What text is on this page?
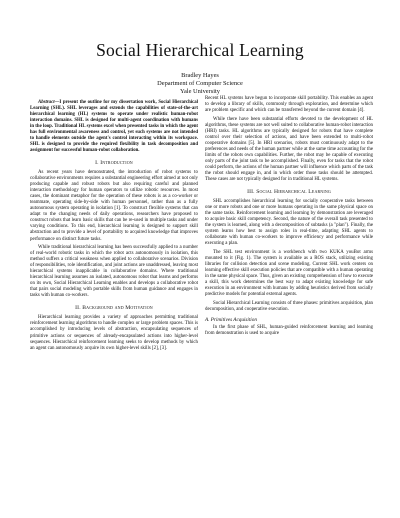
Social Hierarchical Learning
Bradley Hayes
Department of Computer Science
Yale University

Abstract—I present the outline for my dissertation work, Social Hierarchical Learning (SHL). SHL leverages and extends the capabilities of state-of-the-art hierarchical learning (HL) systems to operate under realistic human-robot interaction domains. SHL is designed for multi-agent coordination with humans in the loop. Traditional HL systems excel when presented tasks in which the agent has full environmental awareness and control, yet such systems are not intended to handle elements outside the agent's control interacting within its workspace. SHL is designed to provide the required flexibility in task decomposition and assignment for successful human-robot collaboration.

I. Introduction

As recent years have demonstrated, the introduction of robot systems to collaborative environments requires a substantial engineering effort aimed at not only producing capable and robust robots but also requiring careful and planned interaction methodology for human operators to utilize robotic resources. In most cases, the dominant metaphor for the operation of these robots is as a co-worker or teammate, operating side-by-side with human personnel, rather than as a fully autonomous system operating in isolation [1]. To construct flexible systems that can adapt to the changing needs of daily operations, researchers have proposed to construct robots that learn basic skills that can be re-used in multiple tasks and under varying conditions. To this end, hierarchical learning is designed to support skill abstraction and to provide a level of portability to acquired knowledge that improves performance on distinct future tasks.

While traditional hierarchical learning has been successfully applied to a number of real-world robotic tasks in which the robot acts autonomously in isolation, this method suffers a critical weakness when applied to collaborative scenarios. Division of responsibilities, role identification, and joint actions are unaddressed, leaving most hierarchical systems inapplicable in collaborative domains. Where traditional hierarchical learning assumes an isolated, autonomous robot that learns and performs on its own, Social Hierarchical Learning enables and develops a collaborative robot that pairs social modeling with portable skills from human guidance and engages in tasks with human co-workers.

II. Background and Motivation

Hierarchical learning provides a variety of approaches permitting traditional reinforcement learning algorithms to handle complex or large problem spaces. This is accomplished by introducing levels of abstraction, encapsulating sequences of primitive actions or sequences of already-encapsulated actions into higher-level sequences. Hierarchical reinforcement learning seeks to develop methods by which an agent can autonomously acquire its own higher-level skills [2], [3].

Recent HL systems have begun to incorporate skill portability. This enables an agent to develop a library of skills, commonly through exploration, and determine which are problem specific and which can be transferred beyond the current domain [4].

While there have been substantial efforts devoted to the development of HL algorithms, these systems are not well suited to collaborative human-robot interaction (HRI) tasks. HL algorithms are typically designed for robots that have complete control over their selection of actions, and have been extended to multi-robot cooperative domains [5]. In HRI scenarios, robots must continuously adapt to the preferences and needs of the human partner while at the same time accounting for the limits of the robots own capabilities. Further, the robot may be capable of executing only parts of the joint task to be accomplished. Finally, even for tasks that the robot could perform, the actions of the human partner will influence which parts of the task the robot should engage in, and in which order those tasks should be attempted. These cases are not typically designed for in traditional HL systems.

III. Social Hierarchical Learning

SHL accomplishes hierarchical learning for socially cooperative tasks between one or more robots and one or more humans operating in the same physical space on the same tasks. Reinforcement learning and learning by demonstration are leveraged to acquire basic skill competency. Second, the nature of the overall task presented to the system is learned, along with a decomposition of subtasks (a "plan"). Finally, the system learns how best to assign roles in real-time, adapting SHL agents to collaborate with human co-workers to improve efficiency and performance while executing a plan.

The SHL test environment is a workbench with two KUKA youBot arms mounted to it (Fig. 1). The system is available as a ROS stack, utilizing existing libraries for collision detection and scene modeling. Current SHL work centers on learning effective skill execution policies that are compatible with a human operating in the same physical space. Thus, given an existing comprehension of how to execute a skill, this work determines the best way to adapt existing knowledge for safe execution in an environment with humans by adding heuristics derived from socially predictive models for potential external agents.

Social Hierarchical Learning consists of three phases: primitives acquisition, plan decomposition, and cooperative execution.

A. Primitives Acquisition

In the first phase of SHL, human-guided reinforcement learning and learning from demonstration is used to acquire
